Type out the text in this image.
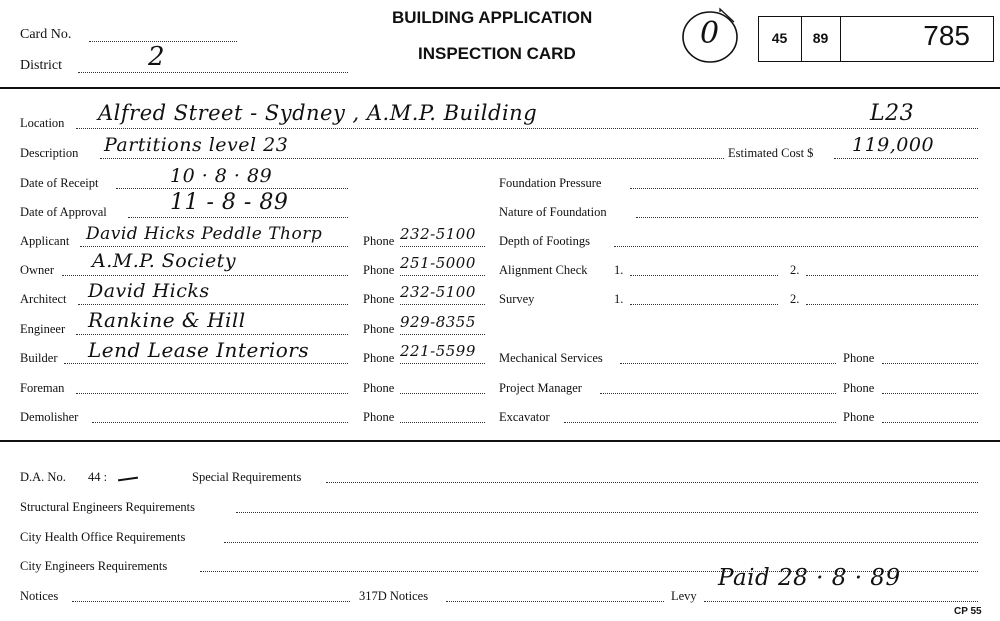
Card No.
District	2
BUILDING APPLICATION
INSPECTION CARD
0	45	89	785
Location Alfred Street - Sydney , A.M.P. Building	L23
Description Partitions level 23	Estimated Cost $ 119,000
Date of Receipt	10 · 8 · 89
Date of Approval	11 - 8 - 89
Applicant David Hicks Peddle Thorp	Phone 232-5100
Owner A.M.P. Society	Phone 251-5000
Architect David Hicks	Phone 232-5100
Engineer Rankine & Hill	Phone 929-8355
Builder Lend Lease Interiors	Phone 221-5599
Foreman	Phone
Demolisher	Phone
Foundation Pressure
Nature of Foundation
Depth of Footings
Alignment Check 1.	2.
Survey	1.	2.
Mechanical Services	Phone
Project Manager	Phone
Excavator	Phone
D.A. No. 44 :	Special Requirements
Structural Engineers Requirements
City Health Office Requirements
City Engineers Requirements
Notices	317D Notices	Levy
Paid 28 · 8 · 89
CP 55
